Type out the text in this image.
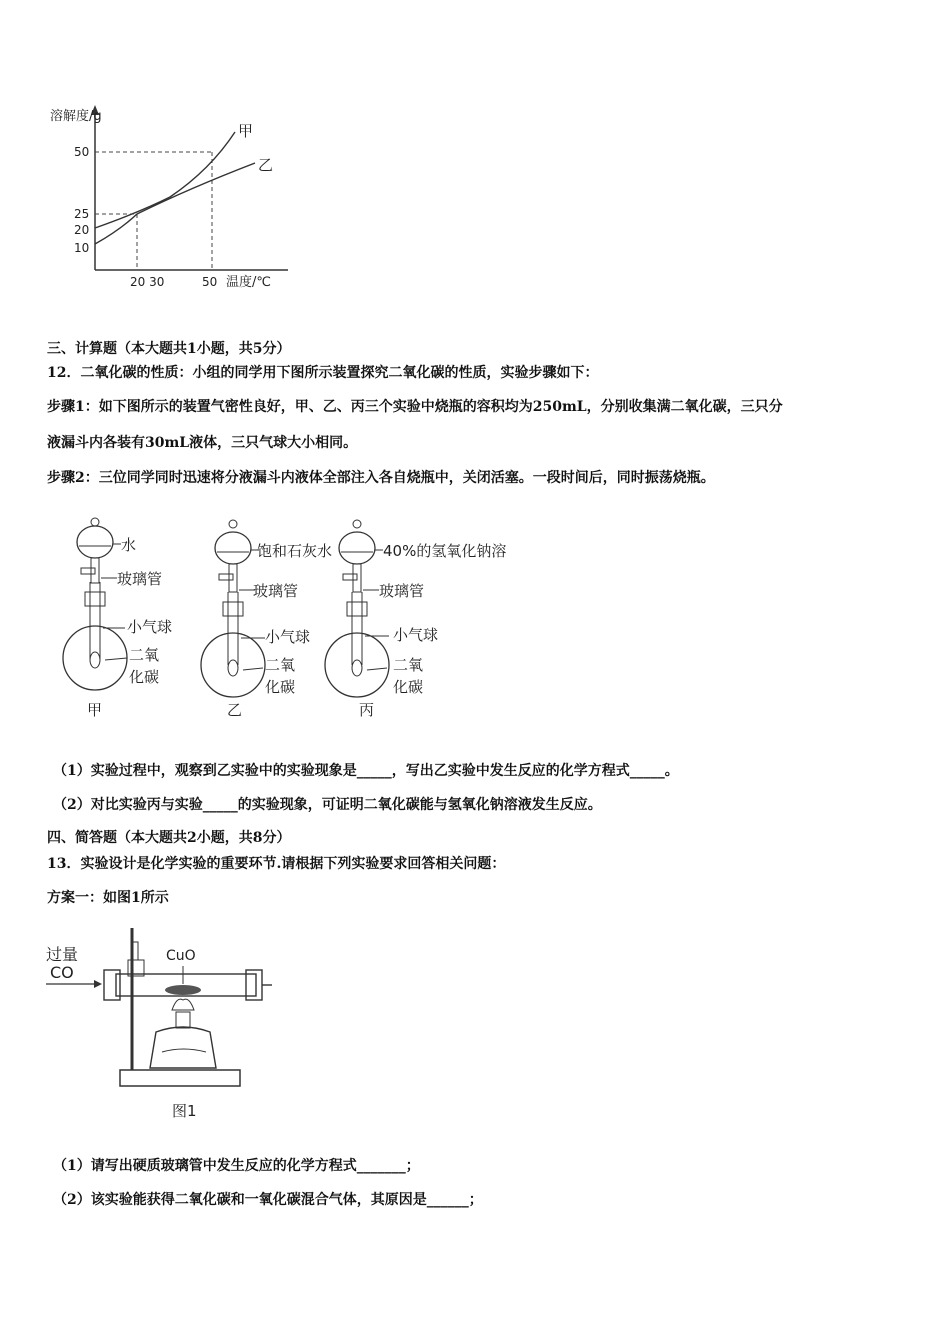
溶解度/g
50
25
20
10
20 30	50 温度/℃
甲
乙
三、计算题（本大题共1小题，共5分）
12．二氧化碳的性质：小组的同学用下图所示装置探究二氧化碳的性质，实验步骤如下：
步骤1：如下图所示的装置气密性良好，甲、乙、丙三个实验中烧瓶的容积均为250mL，分别收集满二氧化碳，三只分
液漏斗内各装有30mL液体，三只气球大小相同。
步骤2：三位同学同时迅速将分液漏斗内液体全部注入各自烧瓶中，关闭活塞。一段时间后，同时振荡烧瓶。
水
玻璃管
小气球
二氧
化碳
甲
饱和石灰水
玻璃管
小气球
二氧
化碳
乙
40%的氢氧化钠溶
玻璃管
小气球
二氧
化碳
丙
（1）实验过程中，观察到乙实验中的实验现象是_____，写出乙实验中发生反应的化学方程式_____。
（2）对比实验丙与实验_____的实验现象，可证明二氧化碳能与氢氧化钠溶液发生反应。
四、简答题（本大题共2小题，共8分）
13．实验设计是化学实验的重要环节.请根据下列实验要求回答相关问题：
方案一：如图1所示
过量
CO
CuO
图1
（1）请写出硬质玻璃管中发生反应的化学方程式_______；
（2）该实验能获得二氧化碳和一氧化碳混合气体，其原因是______；
